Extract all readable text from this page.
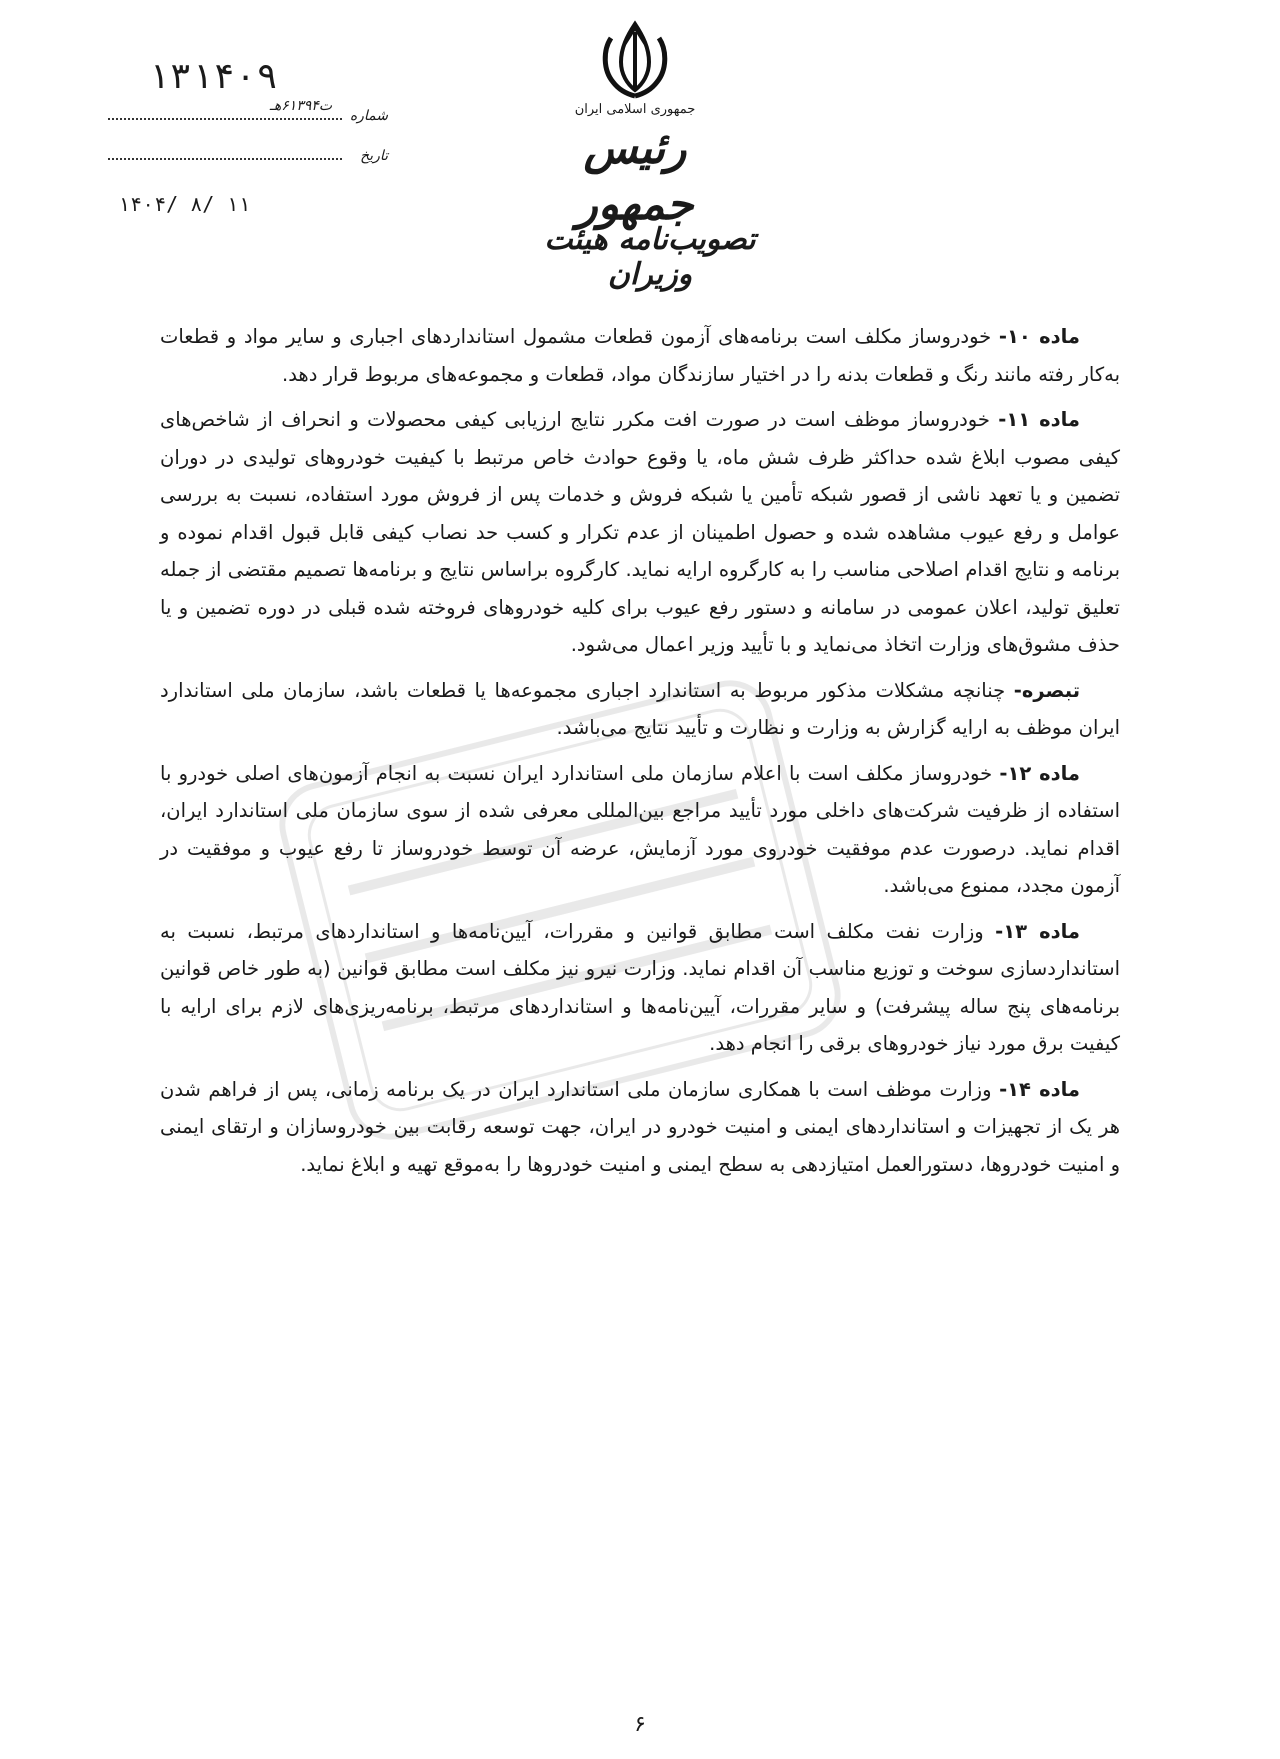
جمهوری اسلامی ایران
رئیس جمهور
تصویب‌نامه هیئت وزیران
۱۳۱۴۰۹
شماره
ت۶۱۳۹۴هـ
تاریخ
۱۴۰۴/ ۸/ ۱۱

ماده ۱۰- خودروساز مکلف است برنامه‌های آزمون قطعات مشمول استانداردهای اجباری و سایر مواد و قطعات به‌کار رفته مانند رنگ و قطعات بدنه را در اختیار سازندگان مواد، قطعات و مجموعه‌های مربوط قرار دهد.

ماده ۱۱- خودروساز موظف است در صورت افت مکرر نتایج ارزیابی کیفی محصولات و انحراف از شاخص‌های کیفی مصوب ابلاغ شده حداکثر ظرف شش ماه، یا وقوع حوادث خاص مرتبط با کیفیت خودروهای تولیدی در دوران تضمین و یا تعهد ناشی از قصور شبکه تأمین یا شبکه فروش و خدمات پس از فروش مورد استفاده، نسبت به بررسی عوامل و رفع عیوب مشاهده شده و حصول اطمینان از عدم تکرار و کسب حد نصاب کیفی قابل قبول اقدام نموده و برنامه و نتایج اقدام اصلاحی مناسب را به کارگروه ارایه نماید. کارگروه براساس نتایج و برنامه‌ها تصمیم مقتضی از جمله تعلیق تولید، اعلان عمومی در سامانه و دستور رفع عیوب برای کلیه خودروهای فروخته شده قبلی در دوره تضمین و یا حذف مشوق‌های وزارت اتخاذ می‌نماید و با تأیید وزیر اعمال می‌شود.

تبصره- چنانچه مشکلات مذکور مربوط به استاندارد اجباری مجموعه‌ها یا قطعات باشد، سازمان ملی استاندارد ایران موظف به ارایه گزارش به وزارت و نظارت و تأیید نتایج می‌باشد.

ماده ۱۲- خودروساز مکلف است با اعلام سازمان ملی استاندارد ایران نسبت به انجام آزمون‌های اصلی خودرو با استفاده از ظرفیت شرکت‌های داخلی مورد تأیید مراجع بین‌المللی معرفی شده از سوی سازمان ملی استاندارد ایران، اقدام نماید. درصورت عدم موفقیت خودروی مورد آزمایش، عرضه آن توسط خودروساز تا رفع عیوب و موفقیت در آزمون مجدد، ممنوع می‌باشد.

ماده ۱۳- وزارت نفت مکلف است مطابق قوانین و مقررات، آیین‌نامه‌ها و استانداردهای مرتبط، نسبت به استانداردسازی سوخت و توزیع مناسب آن اقدام نماید. وزارت نیرو نیز مکلف است مطابق قوانین (به طور خاص قوانین برنامه‌های پنج ساله پیشرفت) و سایر مقررات، آیین‌نامه‌ها و استانداردهای مرتبط، برنامه‌ریزی‌های لازم برای ارایه با کیفیت برق مورد نیاز خودروهای برقی را انجام دهد.

ماده ۱۴- وزارت موظف است با همکاری سازمان ملی استاندارد ایران در یک برنامه زمانی، پس از فراهم شدن هر یک از تجهیزات و استانداردهای ایمنی و امنیت خودرو در ایران، جهت توسعه رقابت بین خودروسازان و ارتقای ایمنی و امنیت خودروها، دستورالعمل امتیازدهی به سطح ایمنی و امنیت خودروها را به‌موقع تهیه و ابلاغ نماید.

۶
